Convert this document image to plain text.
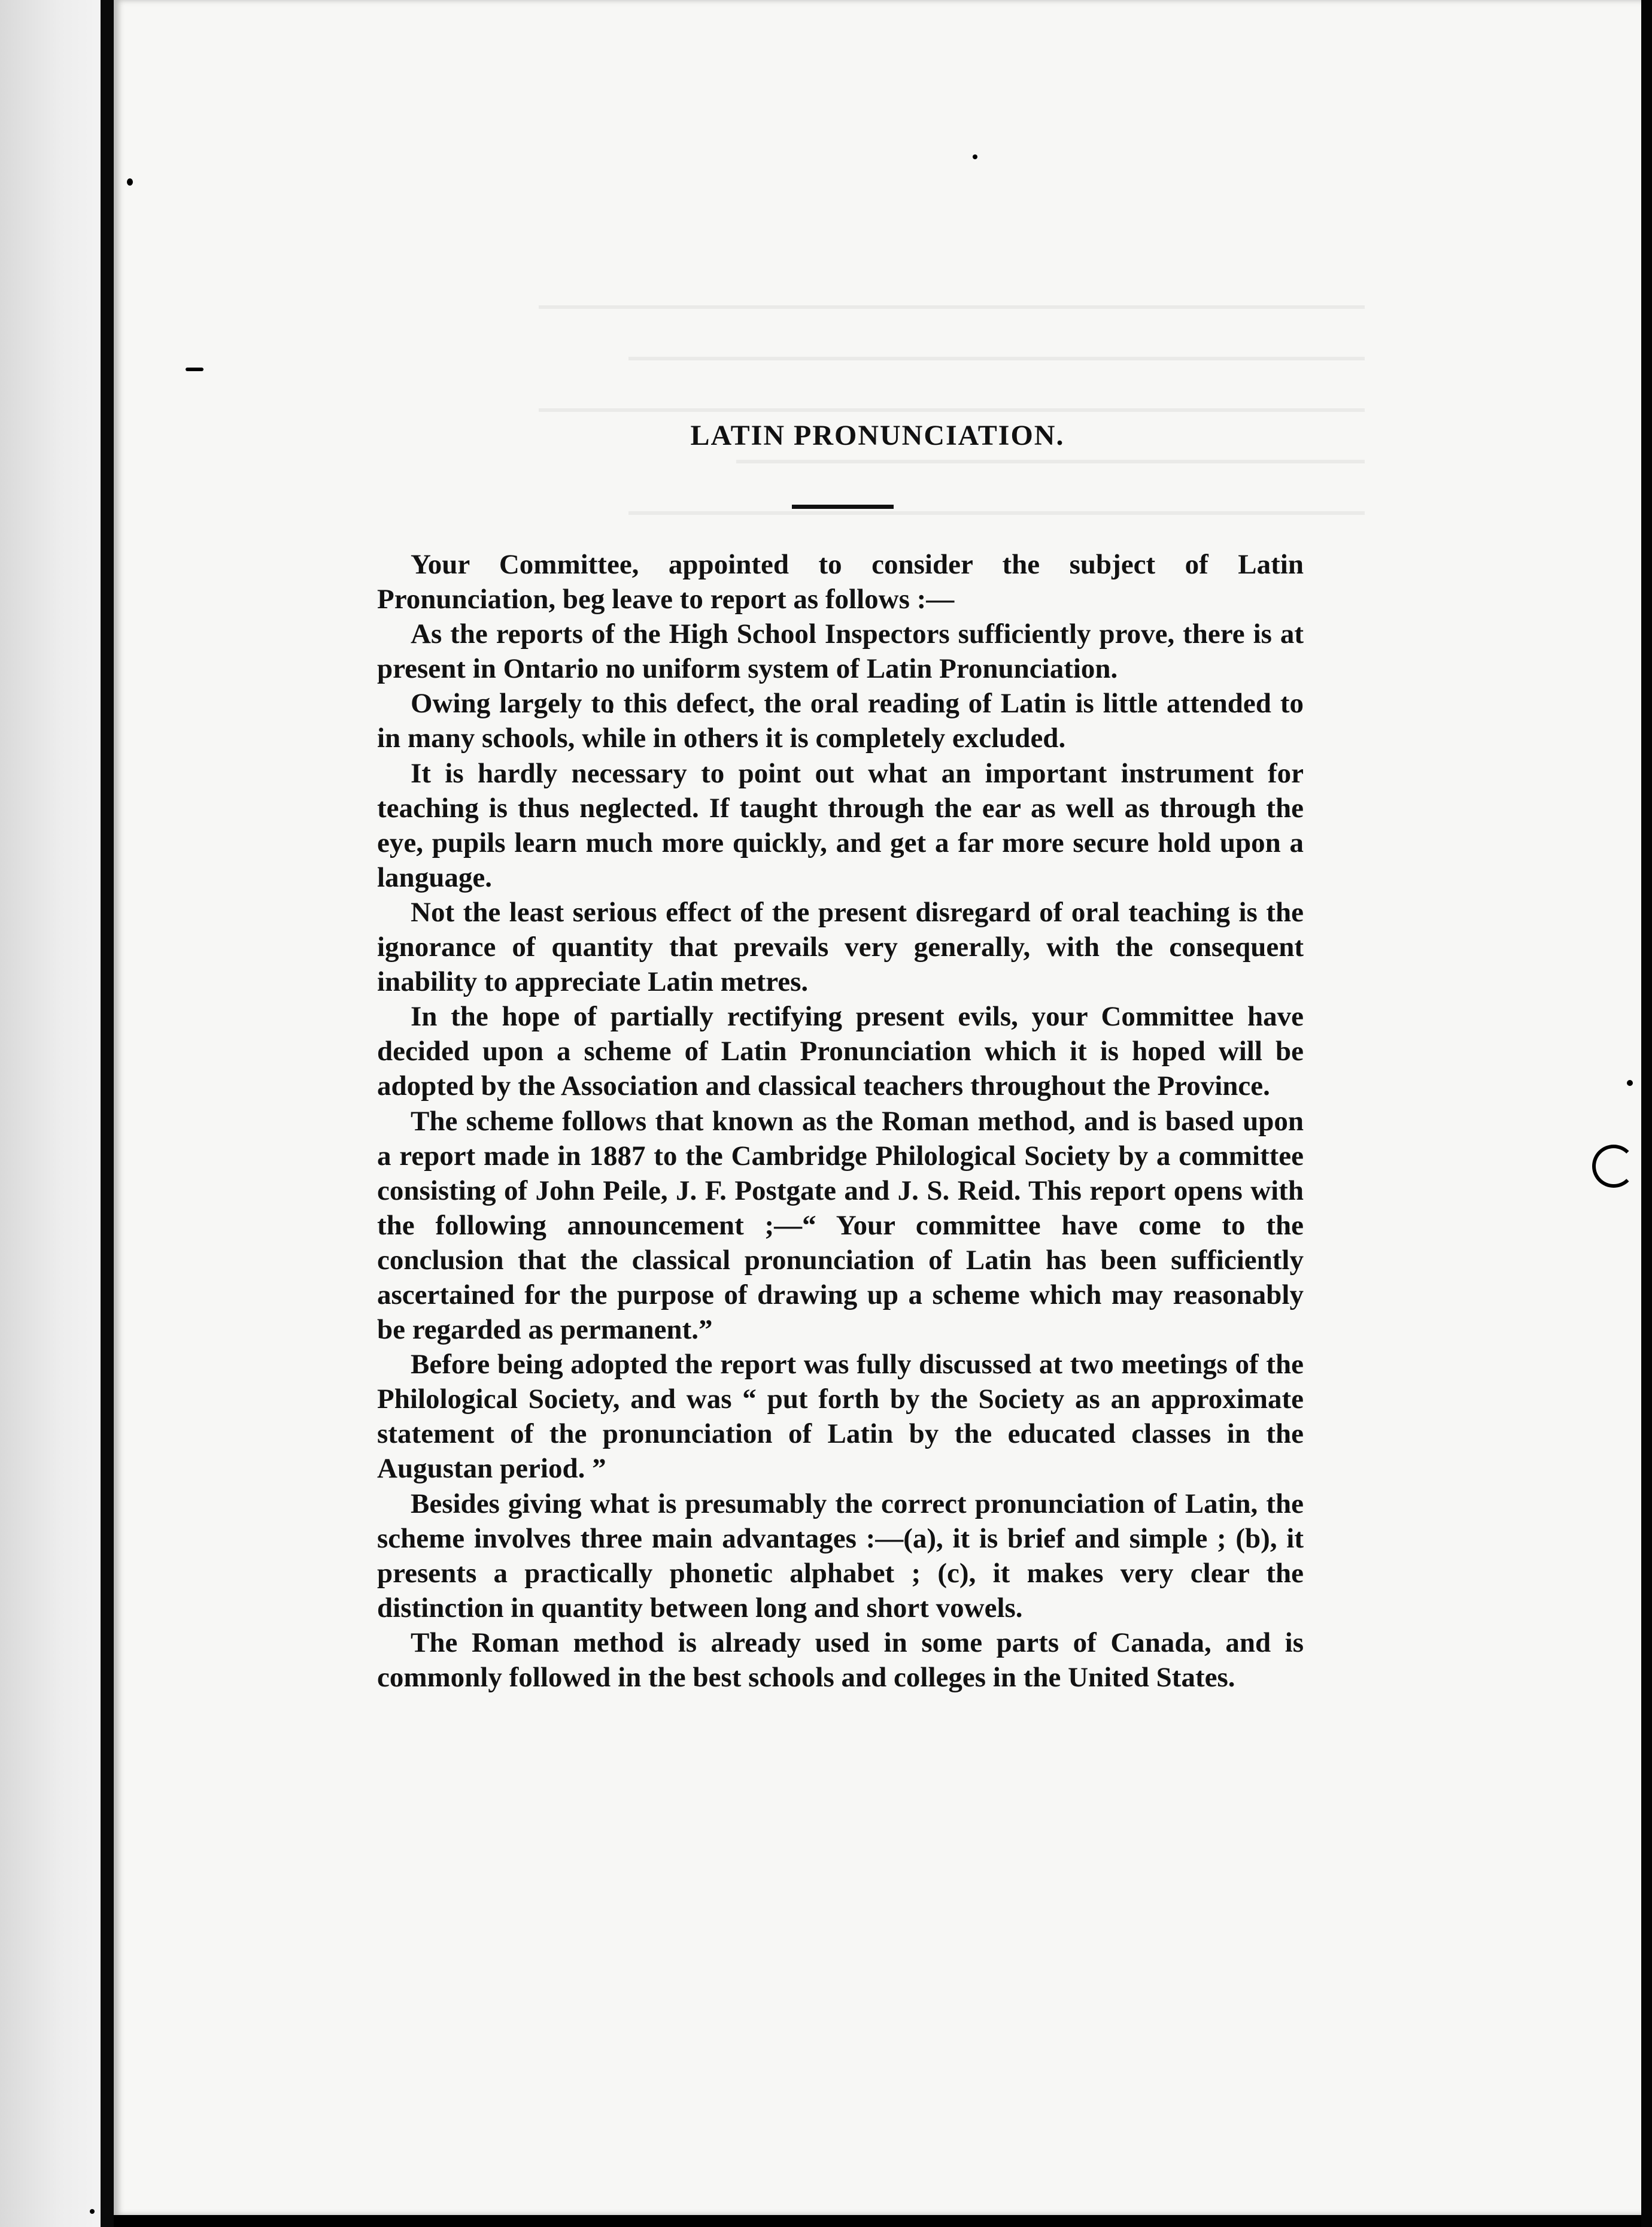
LATIN PRONUNCIATION.

Your Committee, appointed to consider the subject of Latin Pronunciation, beg leave to report as follows :—

As the reports of the High School Inspectors sufficiently prove, there is at present in Ontario no uniform system of Latin Pronunciation.

Owing largely to this defect, the oral reading of Latin is little attended to in many schools, while in others it is completely excluded.

It is hardly necessary to point out what an important instrument for teaching is thus neglected. If taught through the ear as well as through the eye, pupils learn much more quickly, and get a far more secure hold upon a language.

Not the least serious effect of the present disregard of oral teaching is the ignorance of quantity that prevails very generally, with the consequent inability to appreciate Latin metres.

In the hope of partially rectifying present evils, your Committee have decided upon a scheme of Latin Pronunciation which it is hoped will be adopted by the Association and classical teachers throughout the Province.

The scheme follows that known as the Roman method, and is based upon a report made in 1887 to the Cambridge Philological Society by a committee consisting of John Peile, J. F. Postgate and J. S. Reid. This report opens with the following announcement ;—“ Your committee have come to the conclusion that the classical pronunciation of Latin has been sufficiently ascertained for the purpose of drawing up a scheme which may reasonably be regarded as permanent.”

Before being adopted the report was fully discussed at two meetings of the Philological Society, and was “ put forth by the Society as an approximate statement of the pronunciation of Latin by the educated classes in the Augustan period. ”

Besides giving what is presumably the correct pronunciation of Latin, the scheme involves three main advantages :—(a), it is brief and simple ; (b), it presents a practically phonetic alphabet ; (c), it makes very clear the distinction in quantity between long and short vowels.

The Roman method is already used in some parts of Canada, and is commonly followed in the best schools and colleges in the United States.
